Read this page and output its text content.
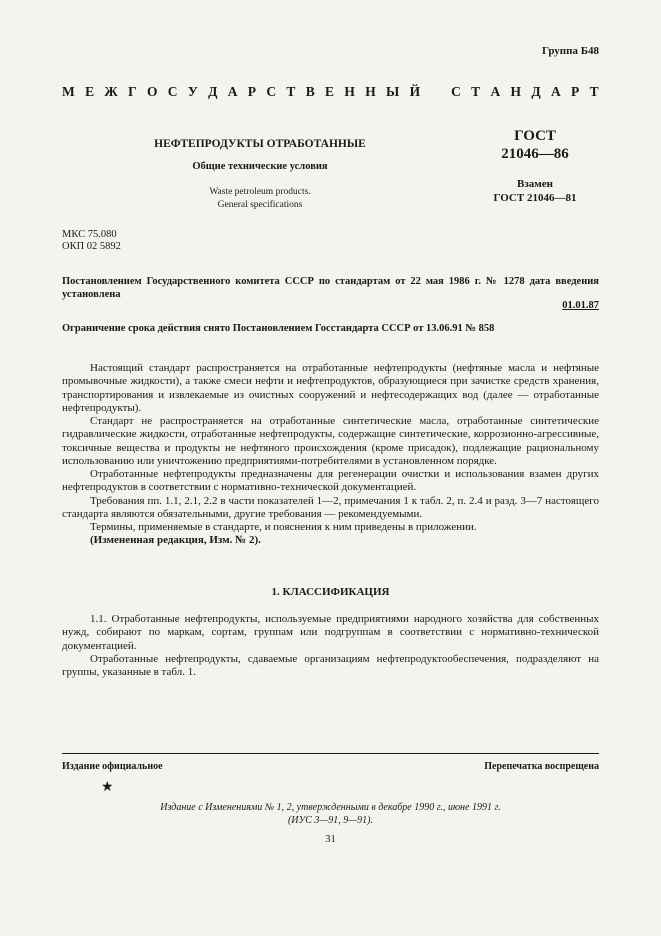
Группа Б48
М Е Ж Г О С У Д А Р С Т В Е Н Н Ы Й С Т А Н Д А Р Т
НЕФТЕПРОДУКТЫ ОТРАБОТАННЫЕ
Общие технические условия
Waste petroleum products.
General specifications
ГОСТ
21046—86
Взамен
ГОСТ 21046—81
МКС 75.080
ОКП 02 5892
Постановлением Государственного комитета СССР по стандартам от 22 мая 1986 г. № 1278 дата введения установлена
01.01.87
Ограничение срока действия снято Постановлением Госстандарта СССР от 13.06.91 № 858

Настоящий стандарт распространяется на отработанные нефтепродукты (нефтяные масла и нефтяные промывочные жидкости), а также смеси нефти и нефтепродуктов, образующиеся при зачистке средств хранения, транспортирования и извлекаемые из очистных сооружений и нефтесодержащих вод (далее — отработанные нефтепродукты).

Стандарт не распространяется на отработанные синтетические масла, отработанные синтетические гидравлические жидкости, отработанные нефтепродукты, содержащие синтетические, коррозионно-агрессивные, токсичные вещества и продукты не нефтяного происхождения (кроме присадок), подлежащие рациональному использованию или уничтожению предприятиями-потребителями в установленном порядке.

Отработанные нефтепродукты предназначены для регенерации очистки и использования взамен других нефтепродуктов в соответствии с нормативно-технической документацией.

Требования пп. 1.1, 2.1, 2.2 в части показателей 1—2, примечания 1 к табл. 2, п. 2.4 и разд. 3—7 настоящего стандарта являются обязательными, другие требования — рекомендуемыми.

Термины, применяемые в стандарте, и пояснения к ним приведены в приложении.

(Измененная редакция, Изм. № 2).

1. КЛАССИФИКАЦИЯ

1.1. Отработанные нефтепродукты, используемые предприятиями народного хозяйства для собственных нужд, собирают по маркам, сортам, группам или подгруппам в соответствии с нормативно-технической документацией.

Отработанные нефтепродукты, сдаваемые организациям нефтепродуктообеспечения, подразделяют на группы, указанные в табл. 1.

Издание официальное	Перепечатка воспрещена
★
Издание с Изменениями № 1, 2, утвержденными в декабре 1990 г., июне 1991 г.
(ИУС 3—91, 9—91).
31
